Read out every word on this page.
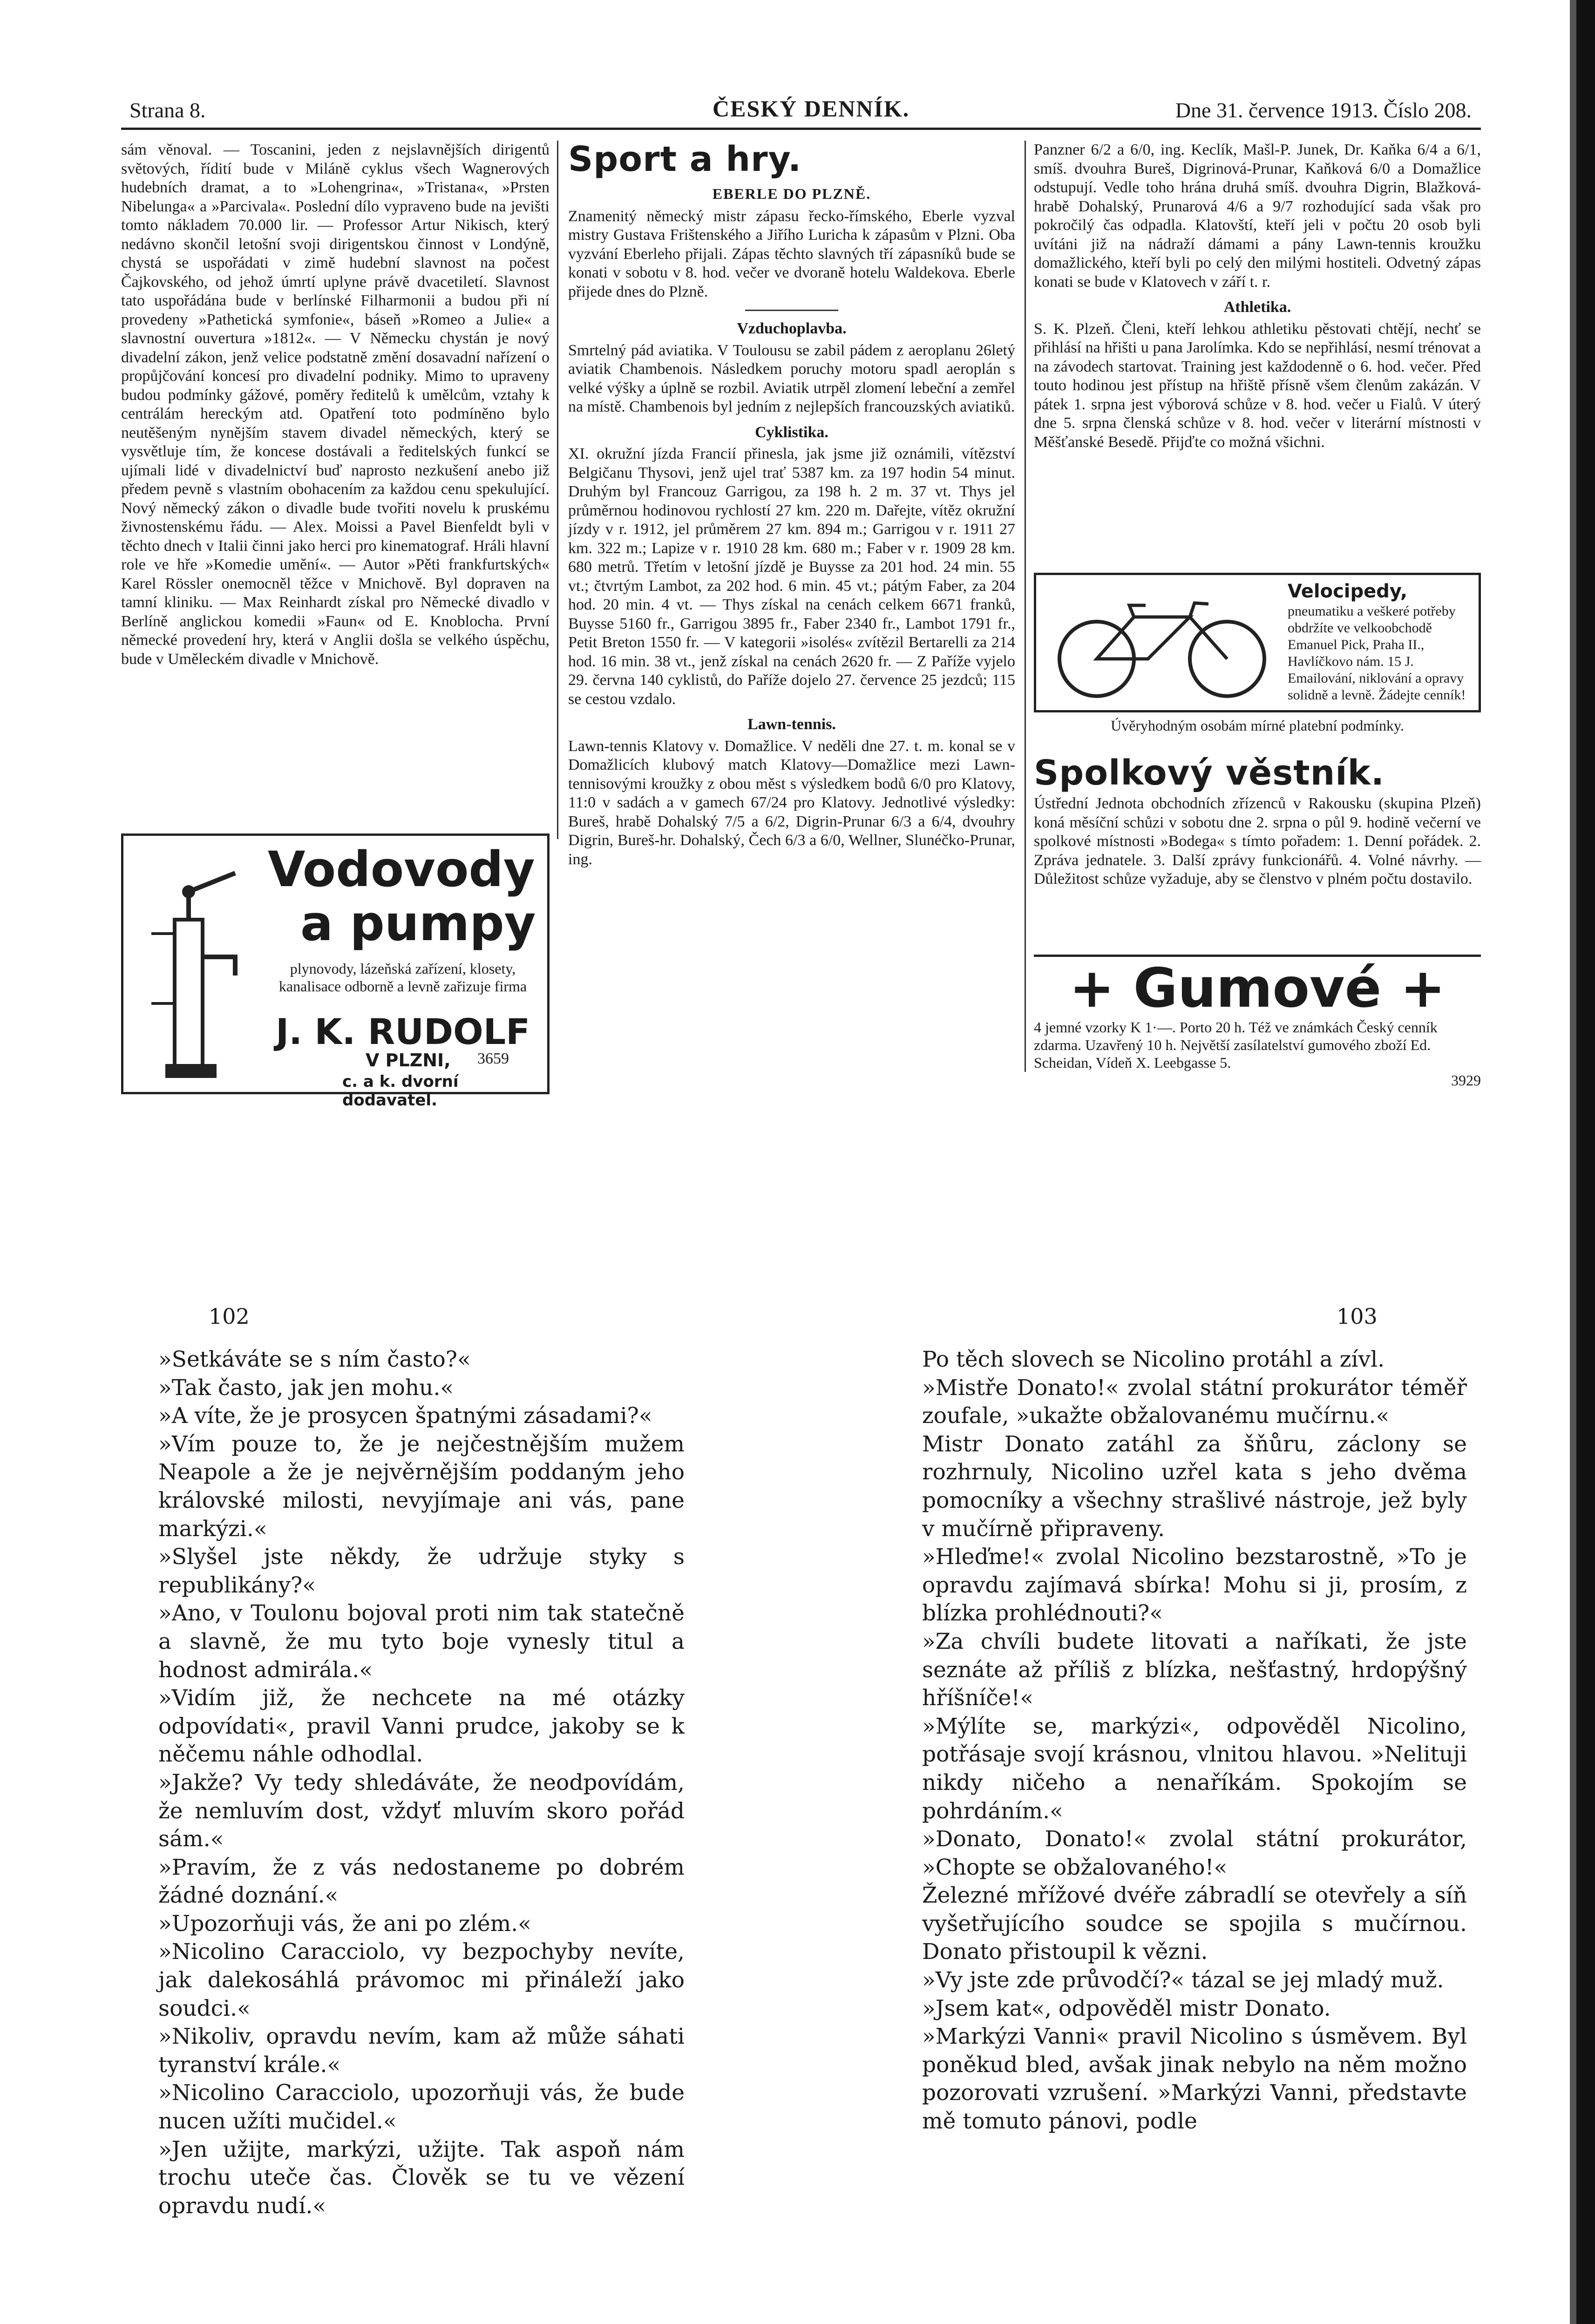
Strana 8.	ČESKÝ DENNÍK.	Dne 31. července 1913. Číslo 208.

sám věnoval. — Toscanini, jeden z nejslavnějších dirigentů světových, řídití bude v Miláně cyklus všech Wagnerových hudebních dramat, a to »Lohengrina«, »Tristana«, »Prsten Nibelunga« a »Parcivala«. Poslední dílo vypraveno bude na jevišti tomto nákladem 70.000 lir. — Professor Artur Nikisch, který nedávno skončil letošní svoji dirigentskou činnost v Londýně, chystá se uspořádati v zimě hudební slavnost na počest Čajkovského, od jehož úmrtí uplyne právě dvacetiletí. Slavnost tato uspořádána bude v berlínské Filharmonii a budou při ní provedeny »Pathetická symfonie«, báseň »Romeo a Julie« a slavnostní ouvertura »1812«. — V Německu chystán je nový divadelní zákon, jenž velice podstatně změní dosavadní nařízení o propůjčování koncesí pro divadelní podniky. Mimo to upraveny budou podmínky gážové, poměry ředitelů k umělcům, vztahy k centrálám hereckým atd. Opatření toto podmíněno bylo neutěšeným nynějším stavem divadel německých, který se vysvětluje tím, že koncese dostávali a ředitelských funkcí se ujímali lidé v divadelnictví buď naprosto nezkušení anebo již předem pevně s vlastním obohacením za každou cenu spekulující. Nový německý zákon o divadle bude tvořiti novelu k pruskému živnostenskému řádu. — Alex. Moissi a Pavel Bienfeldt byli v těchto dnech v Italii činni jako herci pro kinematograf. Hráli hlavní role ve hře »Komedie umění«. — Autor »Pěti frankfurtských« Karel Rössler onemocněl těžce v Mnichově. Byl dopraven na tamní kliniku. — Max Reinhardt získal pro Německé divadlo v Berlíně anglickou komedii »Faun« od E. Knoblocha. První německé provedení hry, která v Anglii došla se velkého úspěchu, bude v Uměleckém divadle v Mnichově.

Vodovody
a pumpy
plynovody, lázeňská zařízení, klosety, kanalisace odborně a levně zařizuje firma
J. K. RUDOLF
V PLZNI, 3659
c. a k. dvorní dodavatel.
Sport a hry.
EBERLE DO PLZNĚ.

Znamenitý německý mistr zápasu řecko-římského, Eberle vyzval mistry Gustava Frištenského a Jiřího Luricha k zápasům v Plzni. Oba vyzvání Eberleho přijali. Zápas těchto slavných tří zápasníků bude se konati v sobotu v 8. hod. večer ve dvoraně hotelu Waldekova. Eberle přijede dnes do Plzně.

Vzduchoplavba.

Smrtelný pád aviatika. V Toulousu se zabil pádem z aeroplanu 26letý aviatik Chambenois. Následkem poruchy motoru spadl aeroplán s velké výšky a úplně se rozbil. Aviatik utrpěl zlomení lebeční a zemřel na místě. Chambenois byl jedním z nejlepších francouzských aviatiků.

Cyklistika.

XI. okružní jízda Francií přinesla, jak jsme již oznámili, vítězství Belgičanu Thysovi, jenž ujel trať 5387 km. za 197 hodin 54 minut. Druhým byl Francouz Garrigou, za 198 h. 2 m. 37 vt. Thys jel průměrnou hodinovou rychlostí 27 km. 220 m. Dařejte, vítěz okružní jízdy v r. 1912, jel průměrem 27 km. 894 m.; Garrigou v r. 1911 27 km. 322 m.; Lapize v r. 1910 28 km. 680 m.; Faber v r. 1909 28 km. 680 metrů. Třetím v letošní jízdě je Buysse za 201 hod. 24 min. 55 vt.; čtvrtým Lambot, za 202 hod. 6 min. 45 vt.; pátým Faber, za 204 hod. 20 min. 4 vt. — Thys získal na cenách celkem 6671 franků, Buysse 5160 fr., Garrigou 3895 fr., Faber 2340 fr., Lambot 1791 fr., Petit Breton 1550 fr. — V kategorii »isolés« zvítězil Bertarelli za 214 hod. 16 min. 38 vt., jenž získal na cenách 2620 fr. — Z Paříže vyjelo 29. června 140 cyklistů, do Paříže dojelo 27. července 25 jezdců; 115 se cestou vzdalo.

Lawn-tennis.

Lawn-tennis Klatovy v. Domažlice. V neděli dne 27. t. m. konal se v Domažlicích klubový match Klatovy—Domažlice mezi Lawn-tennisovými kroužky z obou měst s výsledkem bodů 6/0 pro Klatovy, 11:0 v sadách a v gamech 67/24 pro Klatovy. Jednotlivé výsledky: Bureš, hrabě Dohalský 7/5 a 6/2, Digrin-Prunar 6/3 a 6/4, dvouhry Digrin, Bureš-hr. Dohalský, Čech 6/3 a 6/0, Wellner, Slunéčko-Prunar, ing.

Panzner 6/2 a 6/0, ing. Keclík, Mašl-P. Junek, Dr. Kaňka 6/4 a 6/1, smíš. dvouhra Bureš, Digrinová-Prunar, Kaňková 6/0 a Domažlice odstupují. Vedle toho hrána druhá smíš. dvouhra Digrin, Blažková-hrabě Dohalský, Prunarová 4/6 a 9/7 rozhodující sada však pro pokročilý čas odpadla. Klatovští, kteří jeli v počtu 20 osob byli uvítáni již na nádraží dámami a pány Lawn-tennis kroužku domažlického, kteří byli po celý den milými hostiteli. Odvetný zápas konati se bude v Klatovech v září t. r.

Athletika.

S. K. Plzeň. Členi, kteří lehkou athletiku pěstovati chtějí, nechť se přihlásí na hřišti u pana Jarolímka. Kdo se nepřihlásí, nesmí trénovat a na závodech startovat. Training jest každodenně o 6. hod. večer. Před touto hodinou jest přístup na hřiště přísně všem členům zakázán. V pátek 1. srpna jest výborová schůze v 8. hod. večer u Fialů. V úterý dne 5. srpna členská schůze v 8. hod. večer v literární místnosti v Měšťanské Besedě. Přijďte co možná všichni.

Velocipedy,
pneumatiku a veškeré potřeby obdržíte ve velkoobchodě Emanuel Pick, Praha II., Havlíčkovo nám. 15 J. Emailování, niklování a opravy solidně a levně. Žádejte cenník!
Úvěryhodným osobám mírné platební podmínky.
Spolkový věstník.

Ústřední Jednota obchodních zřízenců v Rakousku (skupina Plzeň) koná měsíční schůzi v sobotu dne 2. srpna o půl 9. hodině večerní ve spolkové místnosti »Bodega« s tímto pořadem: 1. Denní pořádek. 2. Zpráva jednatele. 3. Další zprávy funkcionářů. 4. Volné návrhy. — Důležitost schůze vyžaduje, aby se členstvo v plném počtu dostavilo.

+ Gumové +
4 jemné vzorky K 1·—. Porto 20 h. Též ve známkách Český cenník zdarma. Uzavřený 10 h. Největší zasílatelství gumového zboží Ed. Scheidan, Vídeň X. Leebgasse 5.
3929
102	103

»Setkáváte se s ním často?«

»Tak často, jak jen mohu.«

»A víte, že je prosycen špatnými zásadami?«

»Vím pouze to, že je nejčestnějším mužem Neapole a že je nejvěrnějším poddaným jeho královské milosti, nevyjímaje ani vás, pane markýzi.«

»Slyšel jste někdy, že udržuje styky s republikány?«

»Ano, v Toulonu bojoval proti nim tak statečně a slavně, že mu tyto boje vynesly titul a hodnost admirála.«

»Vidím již, že nechcete na mé otázky odpovídati«, pravil Vanni prudce, jakoby se k něčemu náhle odhodlal.

»Jakže? Vy tedy shledáváte, že neodpovídám, že nemluvím dost, vždyť mluvím skoro pořád sám.«

»Pravím, že z vás nedostaneme po dobrém žádné doznání.«

»Upozorňuji vás, že ani po zlém.«

»Nicolino Caracciolo, vy bezpochyby nevíte, jak dalekosáhlá právomoc mi přináleží jako soudci.«

»Nikoliv, opravdu nevím, kam až může sáhati tyranství krále.«

»Nicolino Caracciolo, upozorňuji vás, že bude nucen užíti mučidel.«

»Jen užijte, markýzi, užijte. Tak aspoň nám trochu uteče čas. Člověk se tu ve vězení opravdu nudí.«

Po těch slovech se Nicolino protáhl a zívl.

»Mistře Donato!« zvolal státní prokurátor téměř zoufale, »ukažte obžalovanému mučírnu.«

Mistr Donato zatáhl za šňůru, záclony se rozhrnuly, Nicolino uzřel kata s jeho dvěma pomocníky a všechny strašlivé nástroje, jež byly v mučírně připraveny.

»Hleďme!« zvolal Nicolino bezstarostně, »To je opravdu zajímavá sbírka! Mohu si ji, prosím, z blízka prohlédnouti?«

»Za chvíli budete litovati a naříkati, že jste seznáte až příliš z blízka, nešťastný, hrdopýšný hříšníče!«

»Mýlíte se, markýzi«, odpověděl Nicolino, potřásaje svojí krásnou, vlnitou hlavou. »Nelituji nikdy ničeho a nenaříkám. Spokojím se pohrdáním.«

»Donato, Donato!« zvolal státní prokurátor, »Chopte se obžalovaného!«

Železné mřížové dvéře zábradlí se otevřely a síň vyšetřujícího soudce se spojila s mučírnou. Donato přistoupil k vězni.

»Vy jste zde průvodčí?« tázal se jej mladý muž.

»Jsem kat«, odpověděl mistr Donato.

»Markýzi Vanni« pravil Nicolino s úsměvem. Byl poněkud bled, avšak jinak nebylo na něm možno pozorovati vzrušení. »Markýzi Vanni, představte mě tomuto pánovi, podle
